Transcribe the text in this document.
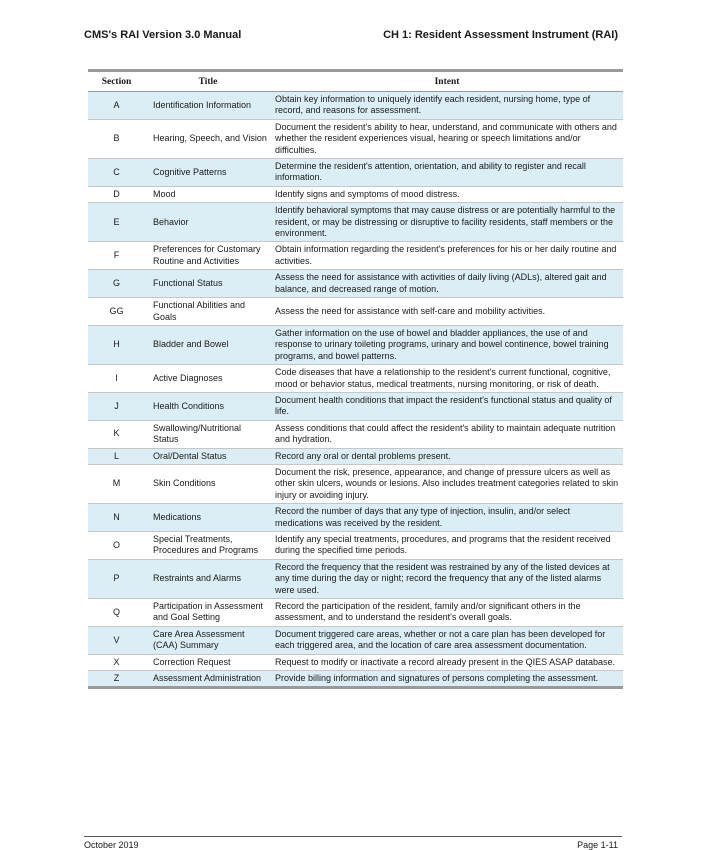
CMS's RAI Version 3.0 Manual	CH 1: Resident Assessment Instrument (RAI)
Section	Title	Intent
A	Identification Information	Obtain key information to uniquely identify each resident, nursing home, type of record, and reasons for assessment.
B	Hearing, Speech, and Vision	Document the resident's ability to hear, understand, and communicate with others and whether the resident experiences visual, hearing or speech limitations and/or difficulties.
C	Cognitive Patterns	Determine the resident's attention, orientation, and ability to register and recall information.
D	Mood	Identify signs and symptoms of mood distress.
E	Behavior	Identify behavioral symptoms that may cause distress or are potentially harmful to the resident, or may be distressing or disruptive to facility residents, staff members or the environment.
F	Preferences for Customary Routine and Activities	Obtain information regarding the resident's preferences for his or her daily routine and activities.
G	Functional Status	Assess the need for assistance with activities of daily living (ADLs), altered gait and balance, and decreased range of motion.
GG	Functional Abilities and Goals	Assess the need for assistance with self-care and mobility activities.
H	Bladder and Bowel	Gather information on the use of bowel and bladder appliances, the use of and response to urinary toileting programs, urinary and bowel continence, bowel training programs, and bowel patterns.
I	Active Diagnoses	Code diseases that have a relationship to the resident's current functional, cognitive, mood or behavior status, medical treatments, nursing monitoring, or risk of death.
J	Health Conditions	Document health conditions that impact the resident's functional status and quality of life.
K	Swallowing/Nutritional Status	Assess conditions that could affect the resident's ability to maintain adequate nutrition and hydration.
L	Oral/Dental Status	Record any oral or dental problems present.
M	Skin Conditions	Document the risk, presence, appearance, and change of pressure ulcers as well as other skin ulcers, wounds or lesions. Also includes treatment categories related to skin injury or avoiding injury.
N	Medications	Record the number of days that any type of injection, insulin, and/or select medications was received by the resident.
O	Special Treatments, Procedures and Programs	Identify any special treatments, procedures, and programs that the resident received during the specified time periods.
P	Restraints and Alarms	Record the frequency that the resident was restrained by any of the listed devices at any time during the day or night; record the frequency that any of the listed alarms were used.
Q	Participation in Assessment and Goal Setting	Record the participation of the resident, family and/or significant others in the assessment, and to understand the resident's overall goals.
V	Care Area Assessment (CAA) Summary	Document triggered care areas, whether or not a care plan has been developed for each triggered area, and the location of care area assessment documentation.
X	Correction Request	Request to modify or inactivate a record already present in the QIES ASAP database.
Z	Assessment Administration	Provide billing information and signatures of persons completing the assessment.
October 2019	Page 1-11
